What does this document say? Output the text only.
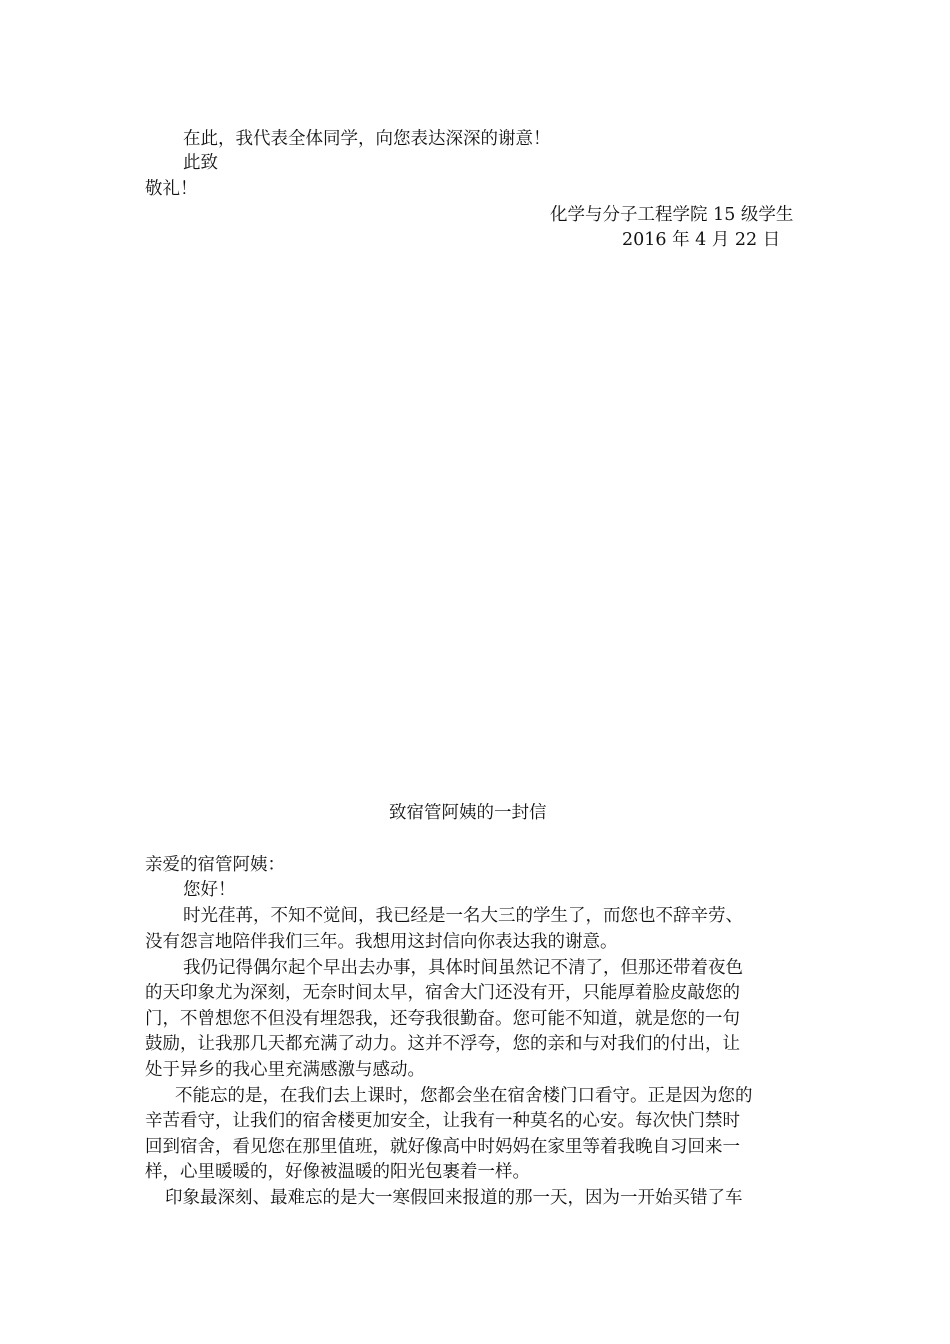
在此，我代表全体同学，向您表达深深的谢意！
此致
敬礼！
化学与分子工程学院 15 级学生
2016 年 4 月 22 日
致宿管阿姨的一封信
亲爱的宿管阿姨：
您好！
时光荏苒，不知不觉间，我已经是一名大三的学生了，而您也不辞辛劳、
没有怨言地陪伴我们三年。我想用这封信向你表达我的谢意。
我仍记得偶尔起个早出去办事，具体时间虽然记不清了，但那还带着夜色
的天印象尤为深刻，无奈时间太早，宿舍大门还没有开，只能厚着脸皮敲您的
门，不曾想您不但没有埋怨我，还夸我很勤奋。您可能不知道，就是您的一句
鼓励，让我那几天都充满了动力。这并不浮夸，您的亲和与对我们的付出，让
处于异乡的我心里充满感激与感动。
不能忘的是，在我们去上课时，您都会坐在宿舍楼门口看守。正是因为您的
辛苦看守，让我们的宿舍楼更加安全，让我有一种莫名的心安。每次快门禁时
回到宿舍，看见您在那里值班，就好像高中时妈妈在家里等着我晚自习回来一
样，心里暖暖的，好像被温暖的阳光包裹着一样。
印象最深刻、最难忘的是大一寒假回来报道的那一天，因为一开始买错了车
